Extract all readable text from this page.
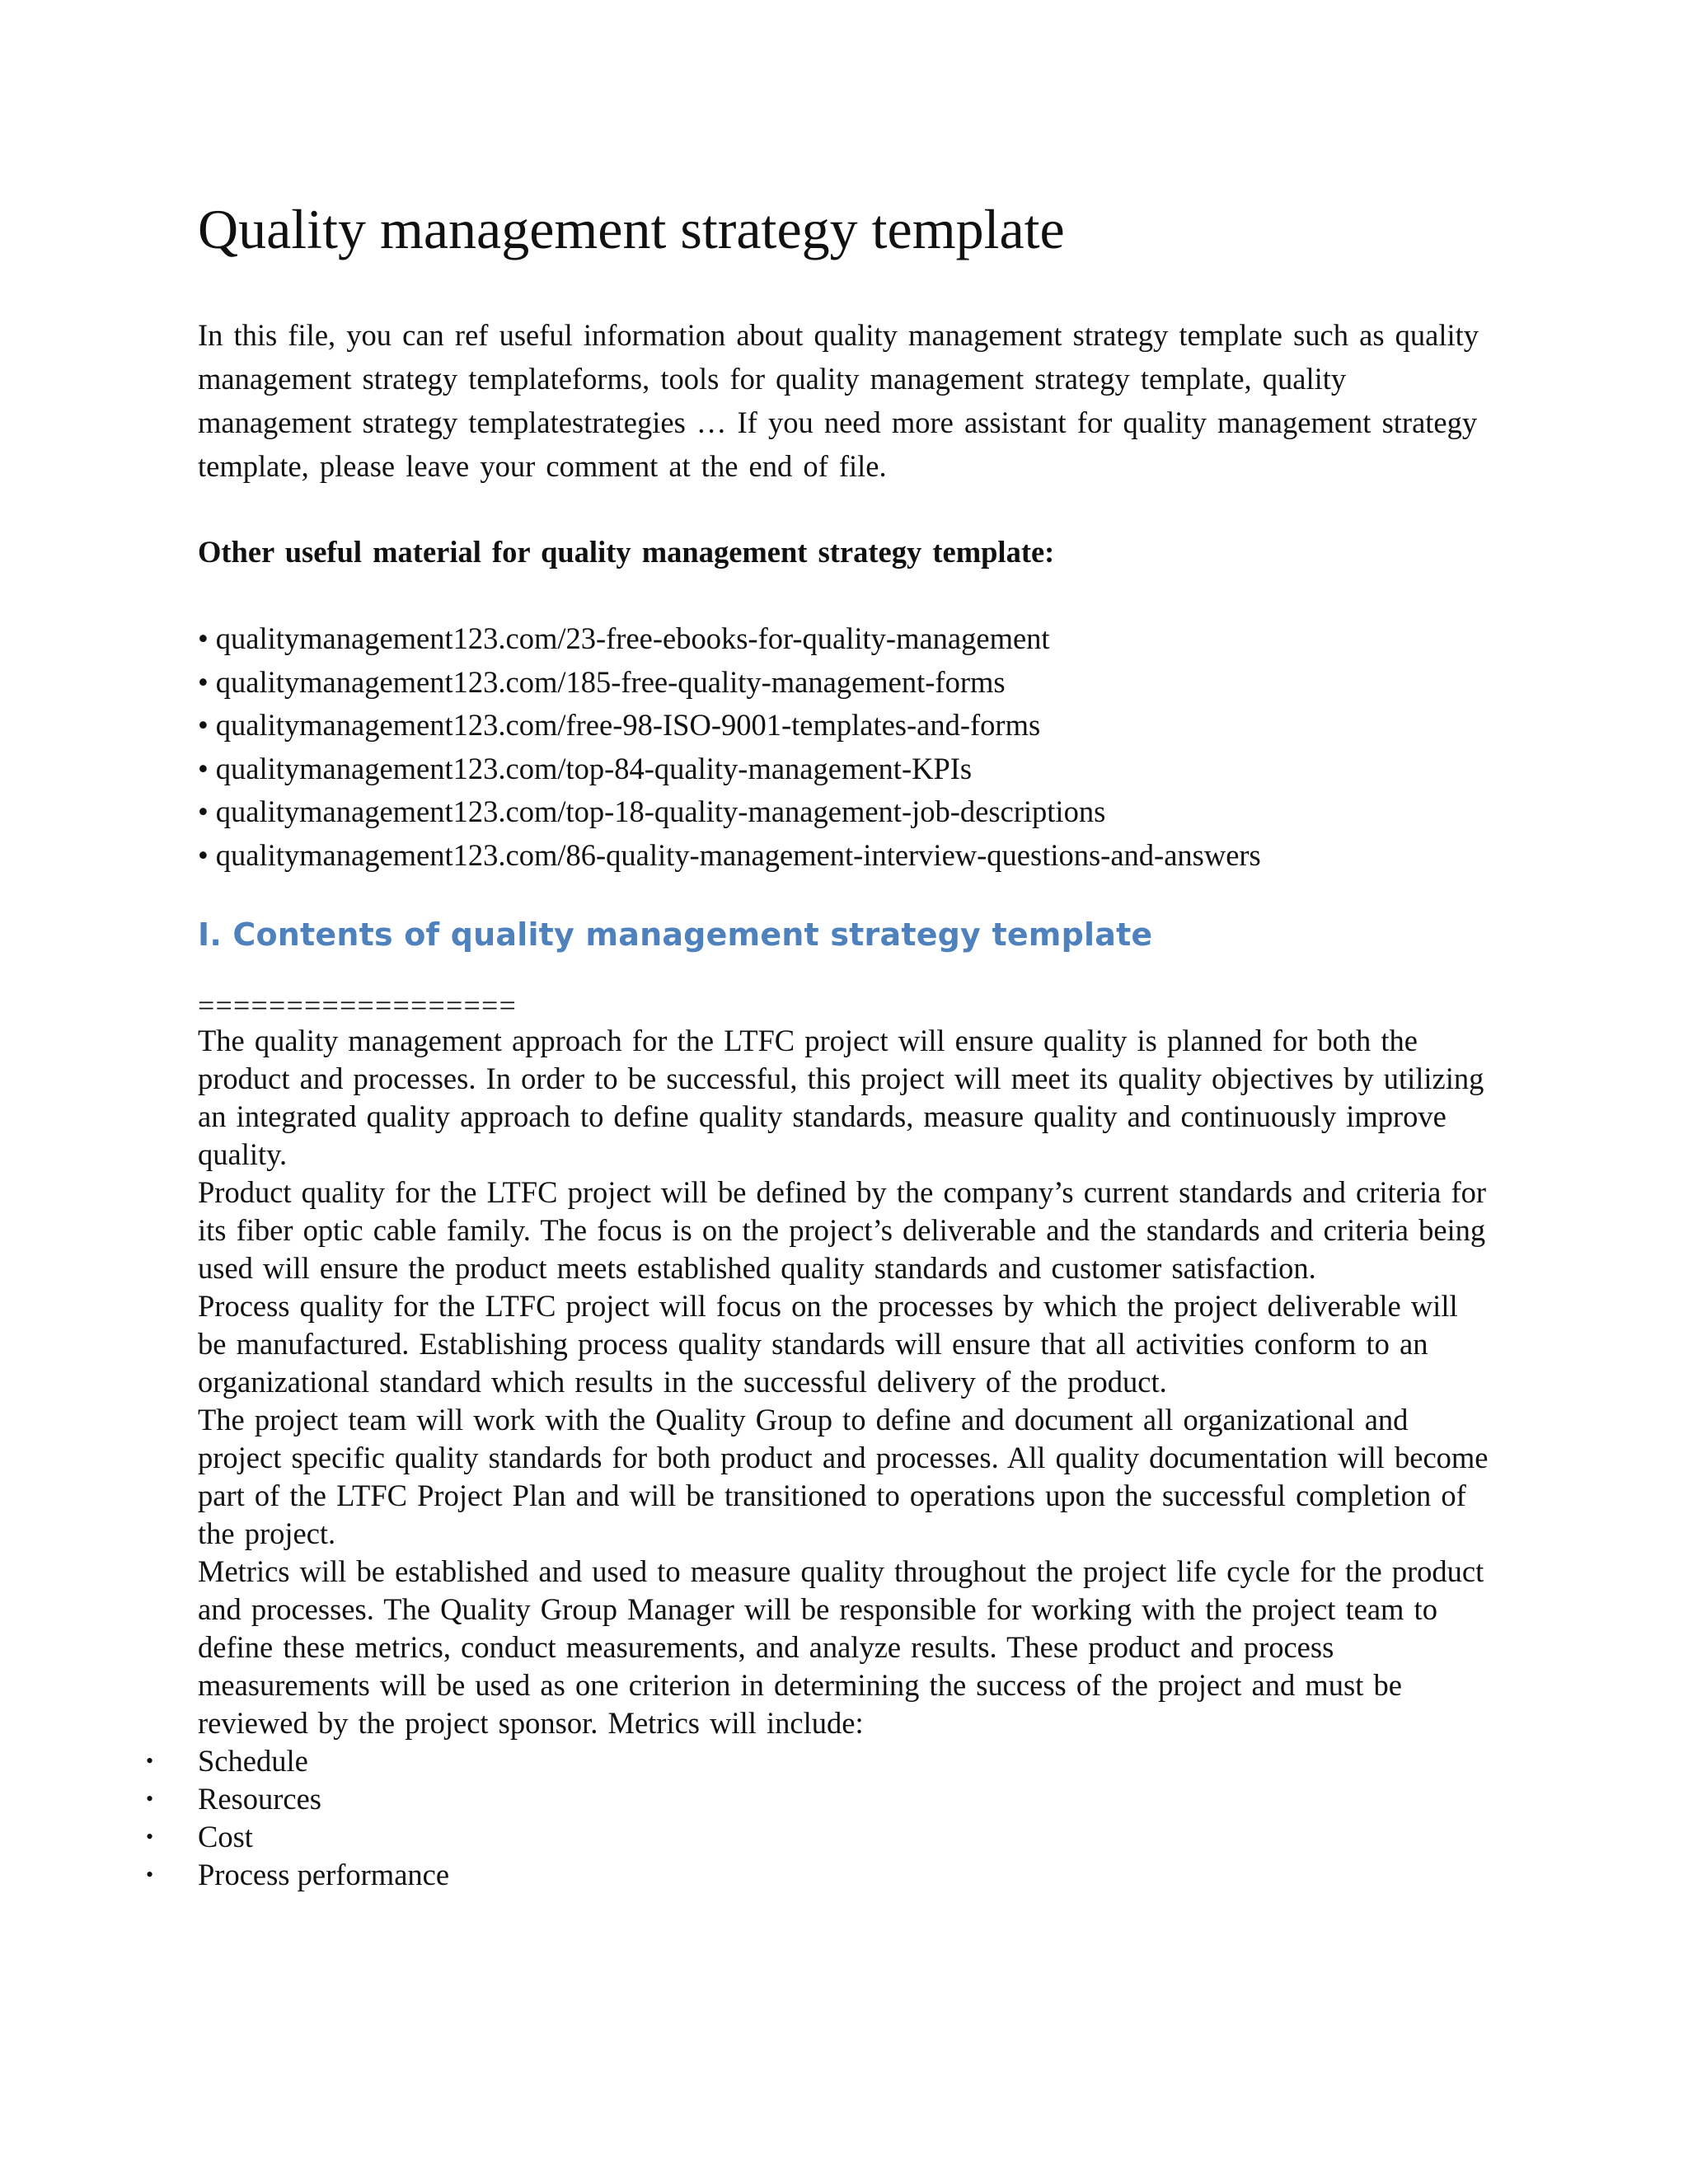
Quality management strategy template

In this file, you can ref useful information about quality management strategy template such as quality management strategy templateforms, tools for quality management strategy template, quality management strategy templatestrategies … If you need more assistant for quality management strategy template, please leave your comment at the end of file.

Other useful material for quality management strategy template:

• qualitymanagement123.com/23-free-ebooks-for-quality-management
• qualitymanagement123.com/185-free-quality-management-forms
• qualitymanagement123.com/free-98-ISO-9001-templates-and-forms
• qualitymanagement123.com/top-84-quality-management-KPIs
• qualitymanagement123.com/top-18-quality-management-job-descriptions
• qualitymanagement123.com/86-quality-management-interview-questions-and-answers
I. Contents of quality management strategy template

==================

The quality management approach for the LTFC project will ensure quality is planned for both the product and processes. In order to be successful, this project will meet its quality objectives by utilizing an integrated quality approach to define quality standards, measure quality and continuously improve quality.

Product quality for the LTFC project will be defined by the company’s current standards and criteria for its fiber optic cable family. The focus is on the project’s deliverable and the standards and criteria being used will ensure the product meets established quality standards and customer satisfaction.

Process quality for the LTFC project will focus on the processes by which the project deliverable will be manufactured. Establishing process quality standards will ensure that all activities conform to an organizational standard which results in the successful delivery of the product.

The project team will work with the Quality Group to define and document all organizational and project specific quality standards for both product and processes. All quality documentation will become part of the LTFC Project Plan and will be transitioned to operations upon the successful completion of the project.

Metrics will be established and used to measure quality throughout the project life cycle for the product and processes. The Quality Group Manager will be responsible for working with the project team to define these metrics, conduct measurements, and analyze results. These product and process measurements will be used as one criterion in determining the success of the project and must be reviewed by the project sponsor. Metrics will include:

• Schedule
• Resources
• Cost
• Process performance
